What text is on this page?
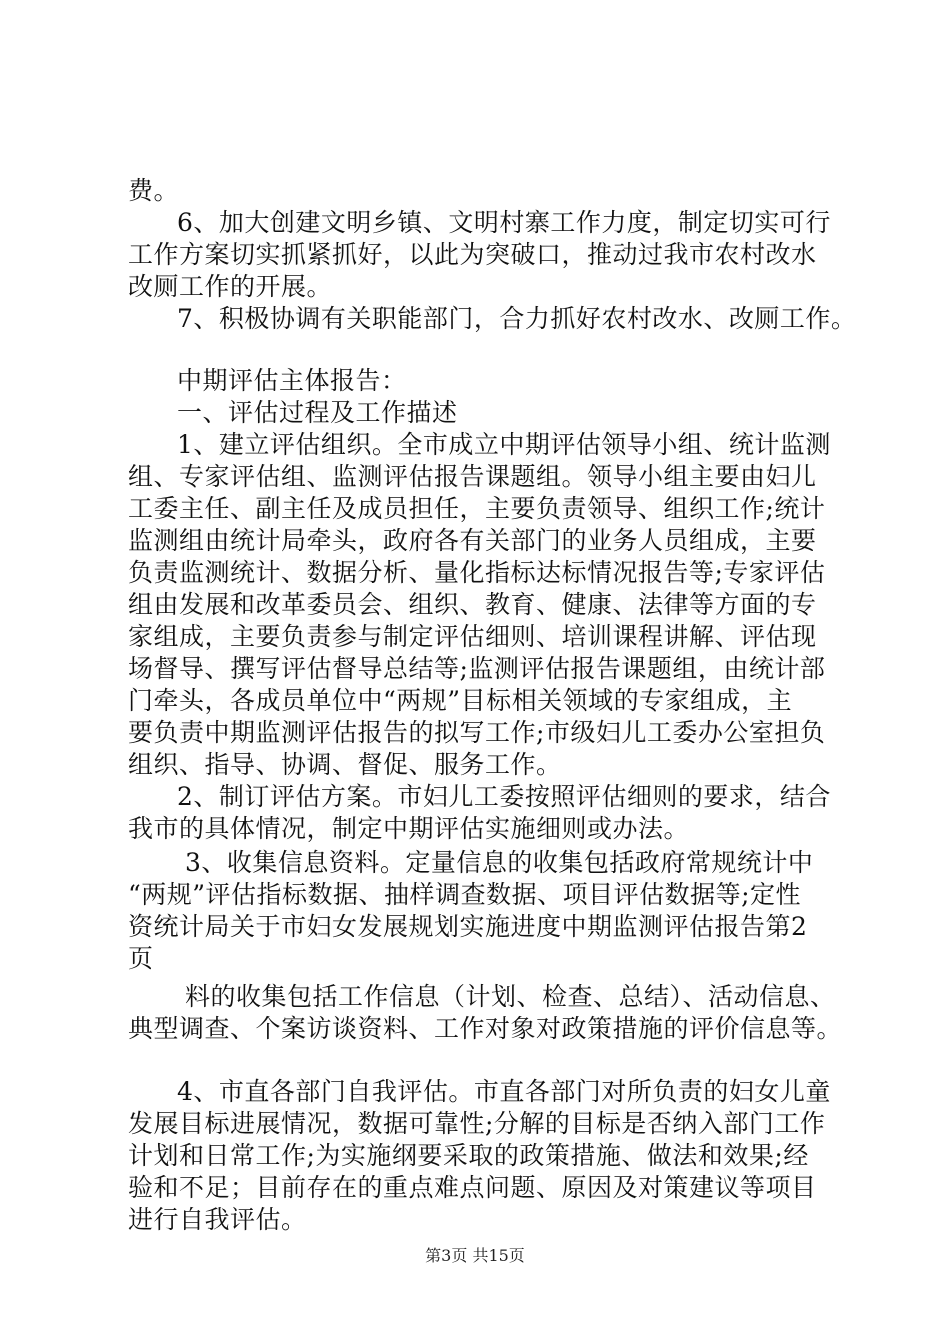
费。
6、加大创建文明乡镇、文明村寨工作力度，制定切实可行
工作方案切实抓紧抓好，以此为突破口，推动过我市农村改水
改厕工作的开展。
7、积极协调有关职能部门，合力抓好农村改水、改厕工作。
中期评估主体报告：
一、评估过程及工作描述
1、建立评估组织。全市成立中期评估领导小组、统计监测
组、专家评估组、监测评估报告课题组。领导小组主要由妇儿
工委主任、副主任及成员担任，主要负责领导、组织工作;统计
监测组由统计局牵头，政府各有关部门的业务人员组成，主要
负责监测统计、数据分析、量化指标达标情况报告等;专家评估
组由发展和改革委员会、组织、教育、健康、法律等方面的专
家组成，主要负责参与制定评估细则、培训课程讲解、评估现
场督导、撰写评估督导总结等;监测评估报告课题组，由统计部
门牵头，各成员单位中“两规”目标相关领域的专家组成，主
要负责中期监测评估报告的拟写工作;市级妇儿工委办公室担负
组织、指导、协调、督促、服务工作。
2、制订评估方案。市妇儿工委按照评估细则的要求，结合
我市的具体情况，制定中期评估实施细则或办法。
3、收集信息资料。定量信息的收集包括政府常规统计中
“两规”评估指标数据、抽样调查数据、项目评估数据等;定性
资统计局关于市妇女发展规划实施进度中期监测评估报告第2
页
料的收集包括工作信息（计划、检查、总结）、活动信息、
典型调查、个案访谈资料、工作对象对政策措施的评价信息等。
4、市直各部门自我评估。市直各部门对所负责的妇女儿童
发展目标进展情况，数据可靠性;分解的目标是否纳入部门工作
计划和日常工作;为实施纲要采取的政策措施、做法和效果;经
验和不足；目前存在的重点难点问题、原因及对策建议等项目
进行自我评估。
第3页 共15页
